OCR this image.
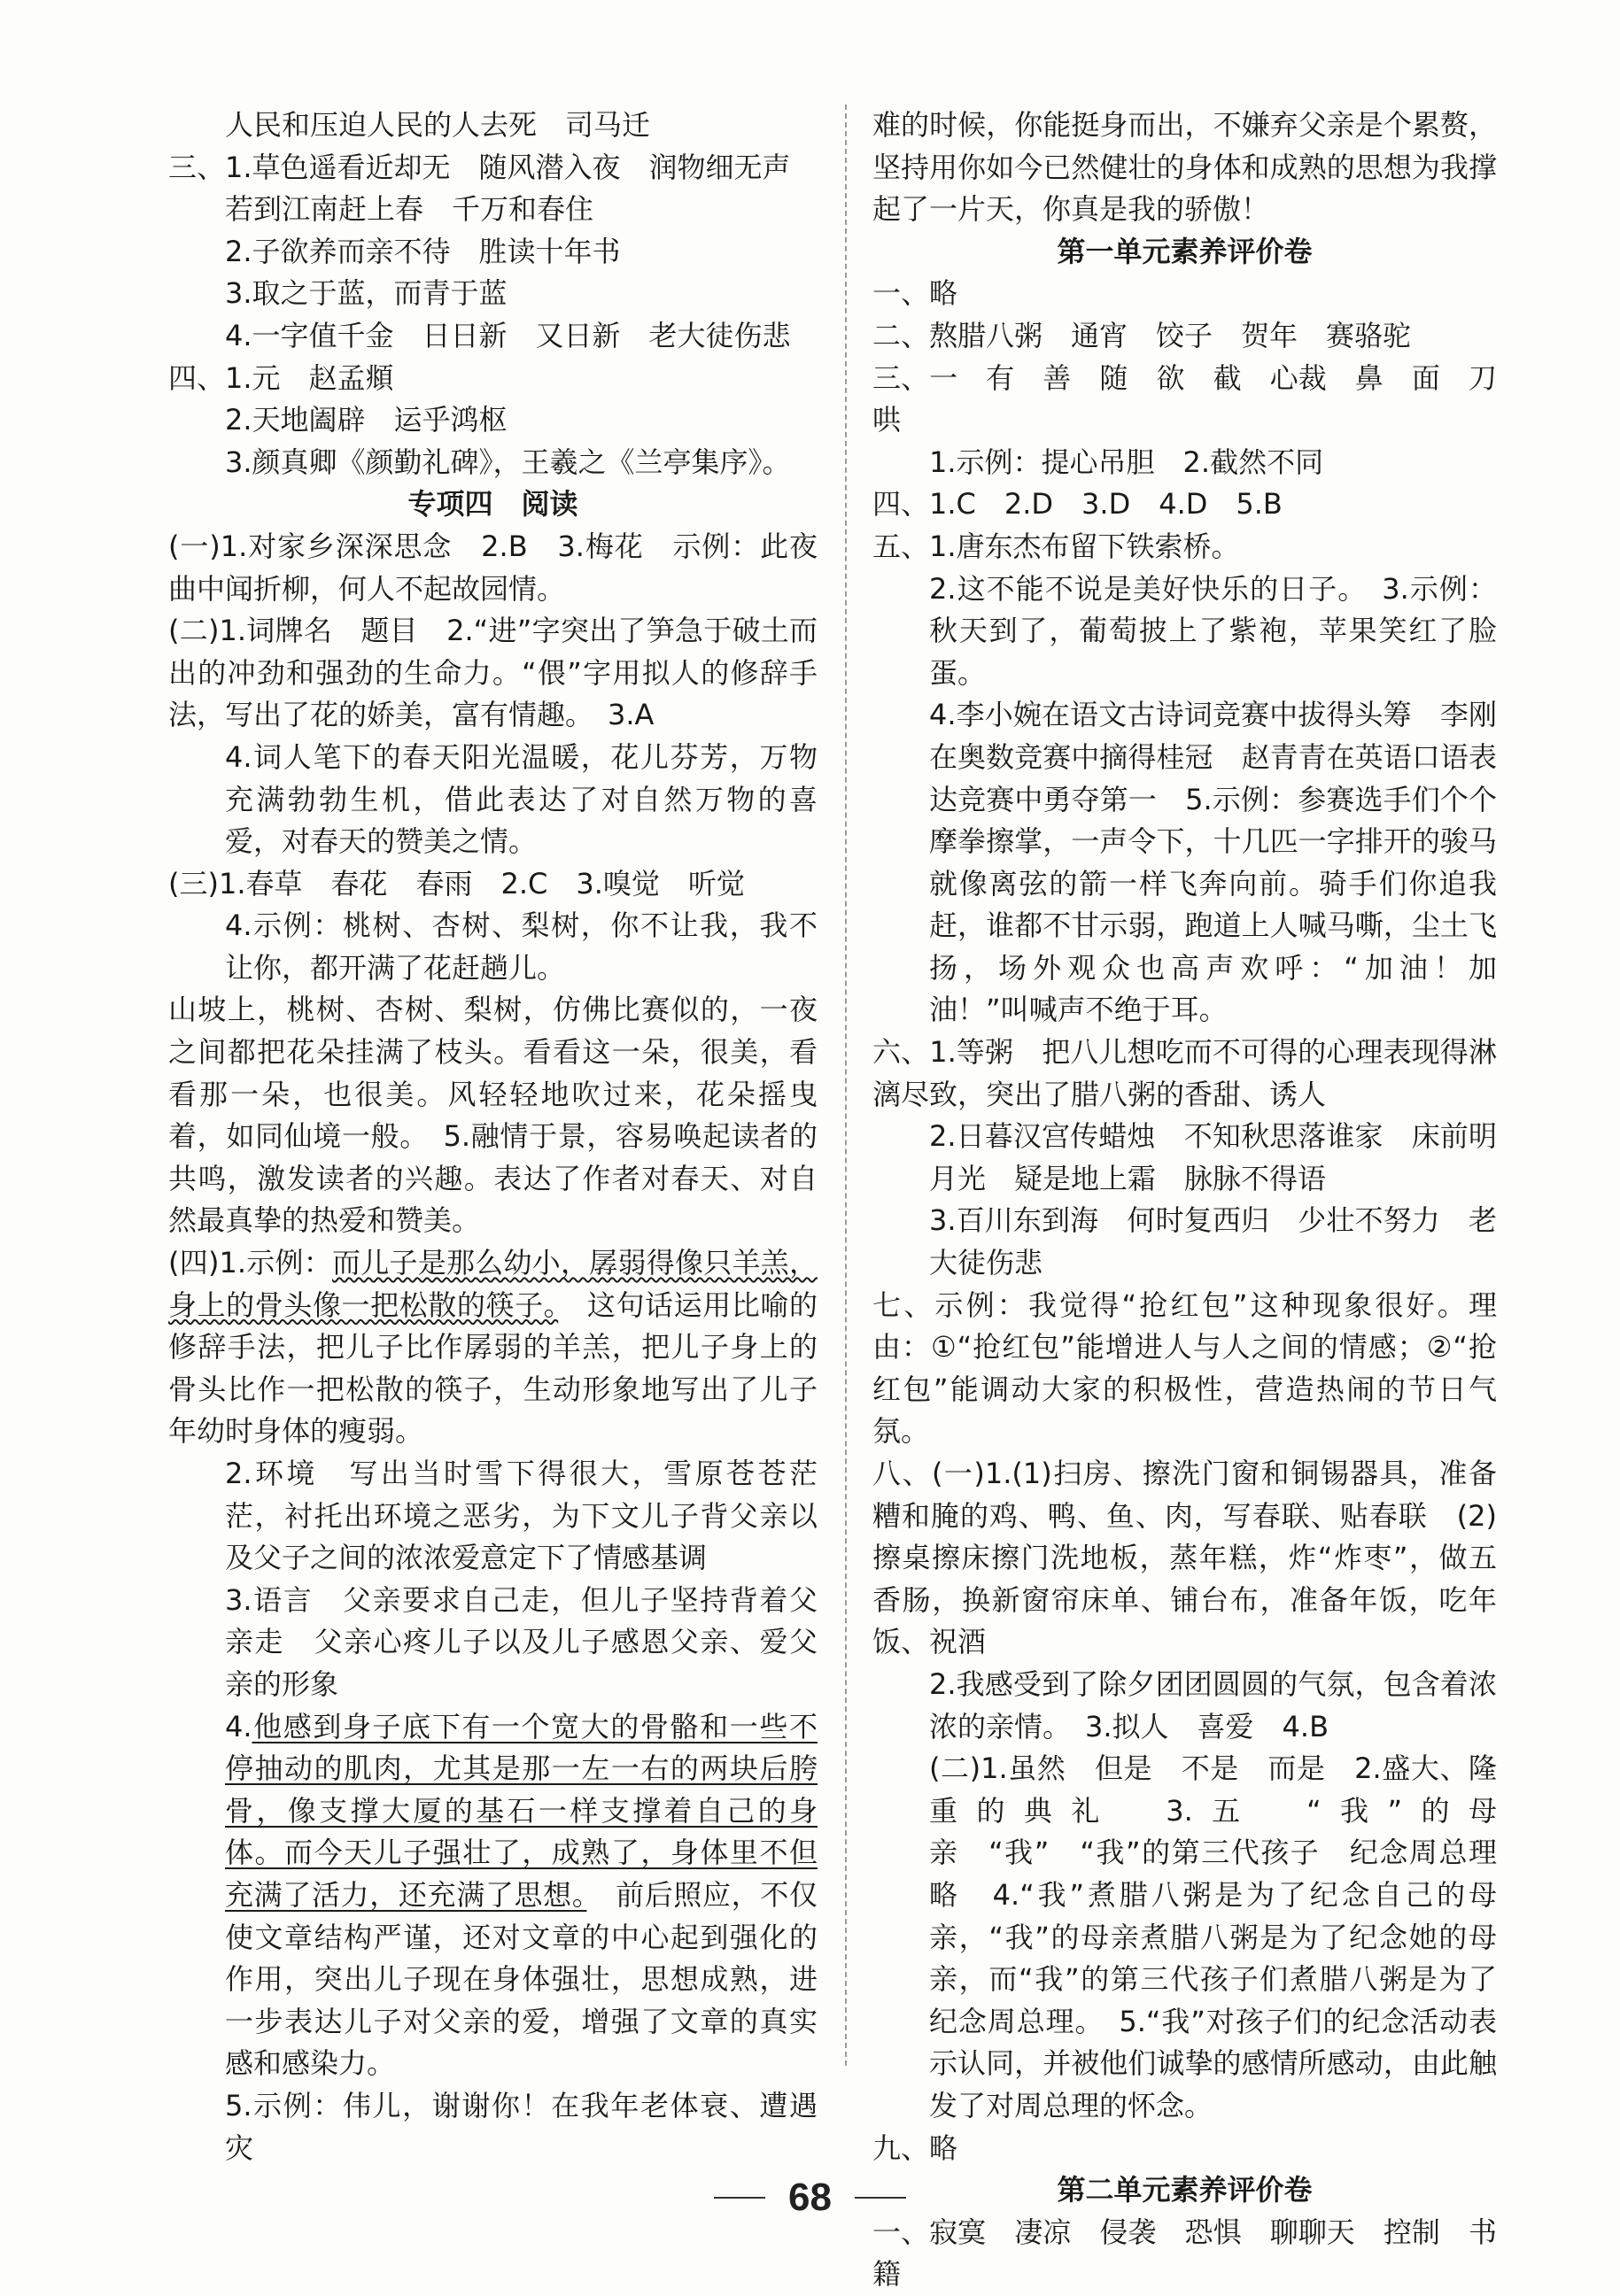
人民和压迫人民的人去死　司马迁

三、1.草色遥看近却无　随风潜入夜　润物细无声

若到江南赶上春　千万和春住

2.子欲养而亲不待　胜读十年书

3.取之于蓝，而青于蓝

4.一字值千金　日日新　又日新　老大徒伤悲

四、1.元　赵孟頫

2.天地阖辟　运乎鸿枢

3.颜真卿《颜勤礼碑》，王羲之《兰亭集序》。

专项四　阅读

(一)1.对家乡深深思念　2.B　3.梅花　示例：此夜曲中闻折柳，何人不起故园情。

(二)1.词牌名　题目　2.“进”字突出了笋急于破土而出的冲劲和强劲的生命力。“偎”字用拟人的修辞手法，写出了花的娇美，富有情趣。　3.A

4.词人笔下的春天阳光温暖，花儿芬芳，万物充满勃勃生机，借此表达了对自然万物的喜爱，对春天的赞美之情。

(三)1.春草　春花　春雨　2.C　3.嗅觉　听觉

4.示例：桃树、杏树、梨树，你不让我，我不让你，都开满了花赶趟儿。

山坡上，桃树、杏树、梨树，仿佛比赛似的，一夜之间都把花朵挂满了枝头。看看这一朵，很美，看看那一朵，也很美。风轻轻地吹过来，花朵摇曳着，如同仙境一般。　5.融情于景，容易唤起读者的共鸣，激发读者的兴趣。表达了作者对春天、对自然最真挚的热爱和赞美。

(四)1.示例：而儿子是那么幼小，孱弱得像只羊羔，身上的骨头像一把松散的筷子。　这句话运用比喻的修辞手法，把儿子比作孱弱的羊羔，把儿子身上的骨头比作一把松散的筷子，生动形象地写出了儿子年幼时身体的瘦弱。

2.环境　写出当时雪下得很大，雪原苍苍茫茫，衬托出环境之恶劣，为下文儿子背父亲以及父子之间的浓浓爱意定下了情感基调

3.语言　父亲要求自己走，但儿子坚持背着父亲走　父亲心疼儿子以及儿子感恩父亲、爱父亲的形象

4.他感到身子底下有一个宽大的骨骼和一些不停抽动的肌肉，尤其是那一左一右的两块后胯骨，像支撑大厦的基石一样支撑着自己的身体。而今天儿子强壮了，成熟了，身体里不但充满了活力，还充满了思想。　前后照应，不仅使文章结构严谨，还对文章的中心起到强化的作用，突出儿子现在身体强壮，思想成熟，进一步表达儿子对父亲的爱，增强了文章的真实感和感染力。

5.示例：伟儿，谢谢你！在我年老体衰、遭遇灾

难的时候，你能挺身而出，不嫌弃父亲是个累赘，坚持用你如今已然健壮的身体和成熟的思想为我撑起了一片天，你真是我的骄傲！

第一单元素养评价卷

一、略

二、熬腊八粥　通宵　饺子　贺年　赛骆驼

三、一　有　善　随　欲　截　心裁　鼻　面　刀哄

1.示例：提心吊胆　2.截然不同

四、1.C　2.D　3.D　4.D　5.B

五、1.唐东杰布留下铁索桥。

2.这不能不说是美好快乐的日子。　3.示例：秋天到了，葡萄披上了紫袍，苹果笑红了脸蛋。

4.李小婉在语文古诗词竞赛中拔得头筹　李刚在奥数竞赛中摘得桂冠　赵青青在英语口语表达竞赛中勇夺第一　5.示例：参赛选手们个个摩拳擦掌，一声令下，十几匹一字排开的骏马就像离弦的箭一样飞奔向前。骑手们你追我赶，谁都不甘示弱，跑道上人喊马嘶，尘土飞扬，场外观众也高声欢呼：“加油！加油！”叫喊声不绝于耳。

六、1.等粥　把八儿想吃而不可得的心理表现得淋漓尽致，突出了腊八粥的香甜、诱人

2.日暮汉宫传蜡烛　不知秋思落谁家　床前明月光　疑是地上霜　脉脉不得语

3.百川东到海　何时复西归　少壮不努力　老大徒伤悲

七、示例：我觉得“抢红包”这种现象很好。理由：①“抢红包”能增进人与人之间的情感；②“抢红包”能调动大家的积极性，营造热闹的节日气氛。

八、(一)1.(1)扫房、擦洗门窗和铜锡器具，准备糟和腌的鸡、鸭、鱼、肉，写春联、贴春联　(2)擦桌擦床擦门洗地板，蒸年糕，炸“炸枣”，做五香肠，换新窗帘床单、铺台布，准备年饭，吃年饭、祝酒

2.我感受到了除夕团团圆圆的气氛，包含着浓浓的亲情。　3.拟人　喜爱　4.B

(二)1.虽然　但是　不是　而是　2.盛大、隆重的典礼　3.五　“我”的母亲　“我”　“我”的第三代孩子　纪念周总理　略　4.“我”煮腊八粥是为了纪念自己的母亲，“我”的母亲煮腊八粥是为了纪念她的母亲，而“我”的第三代孩子们煮腊八粥是为了纪念周总理。　5.“我”对孩子们的纪念活动表示认同，并被他们诚挚的感情所感动，由此触发了对周总理的怀念。

九、略

第二单元素养评价卷

一、寂寞　凄凉　侵袭　恐惧　聊聊天　控制　书籍

68
